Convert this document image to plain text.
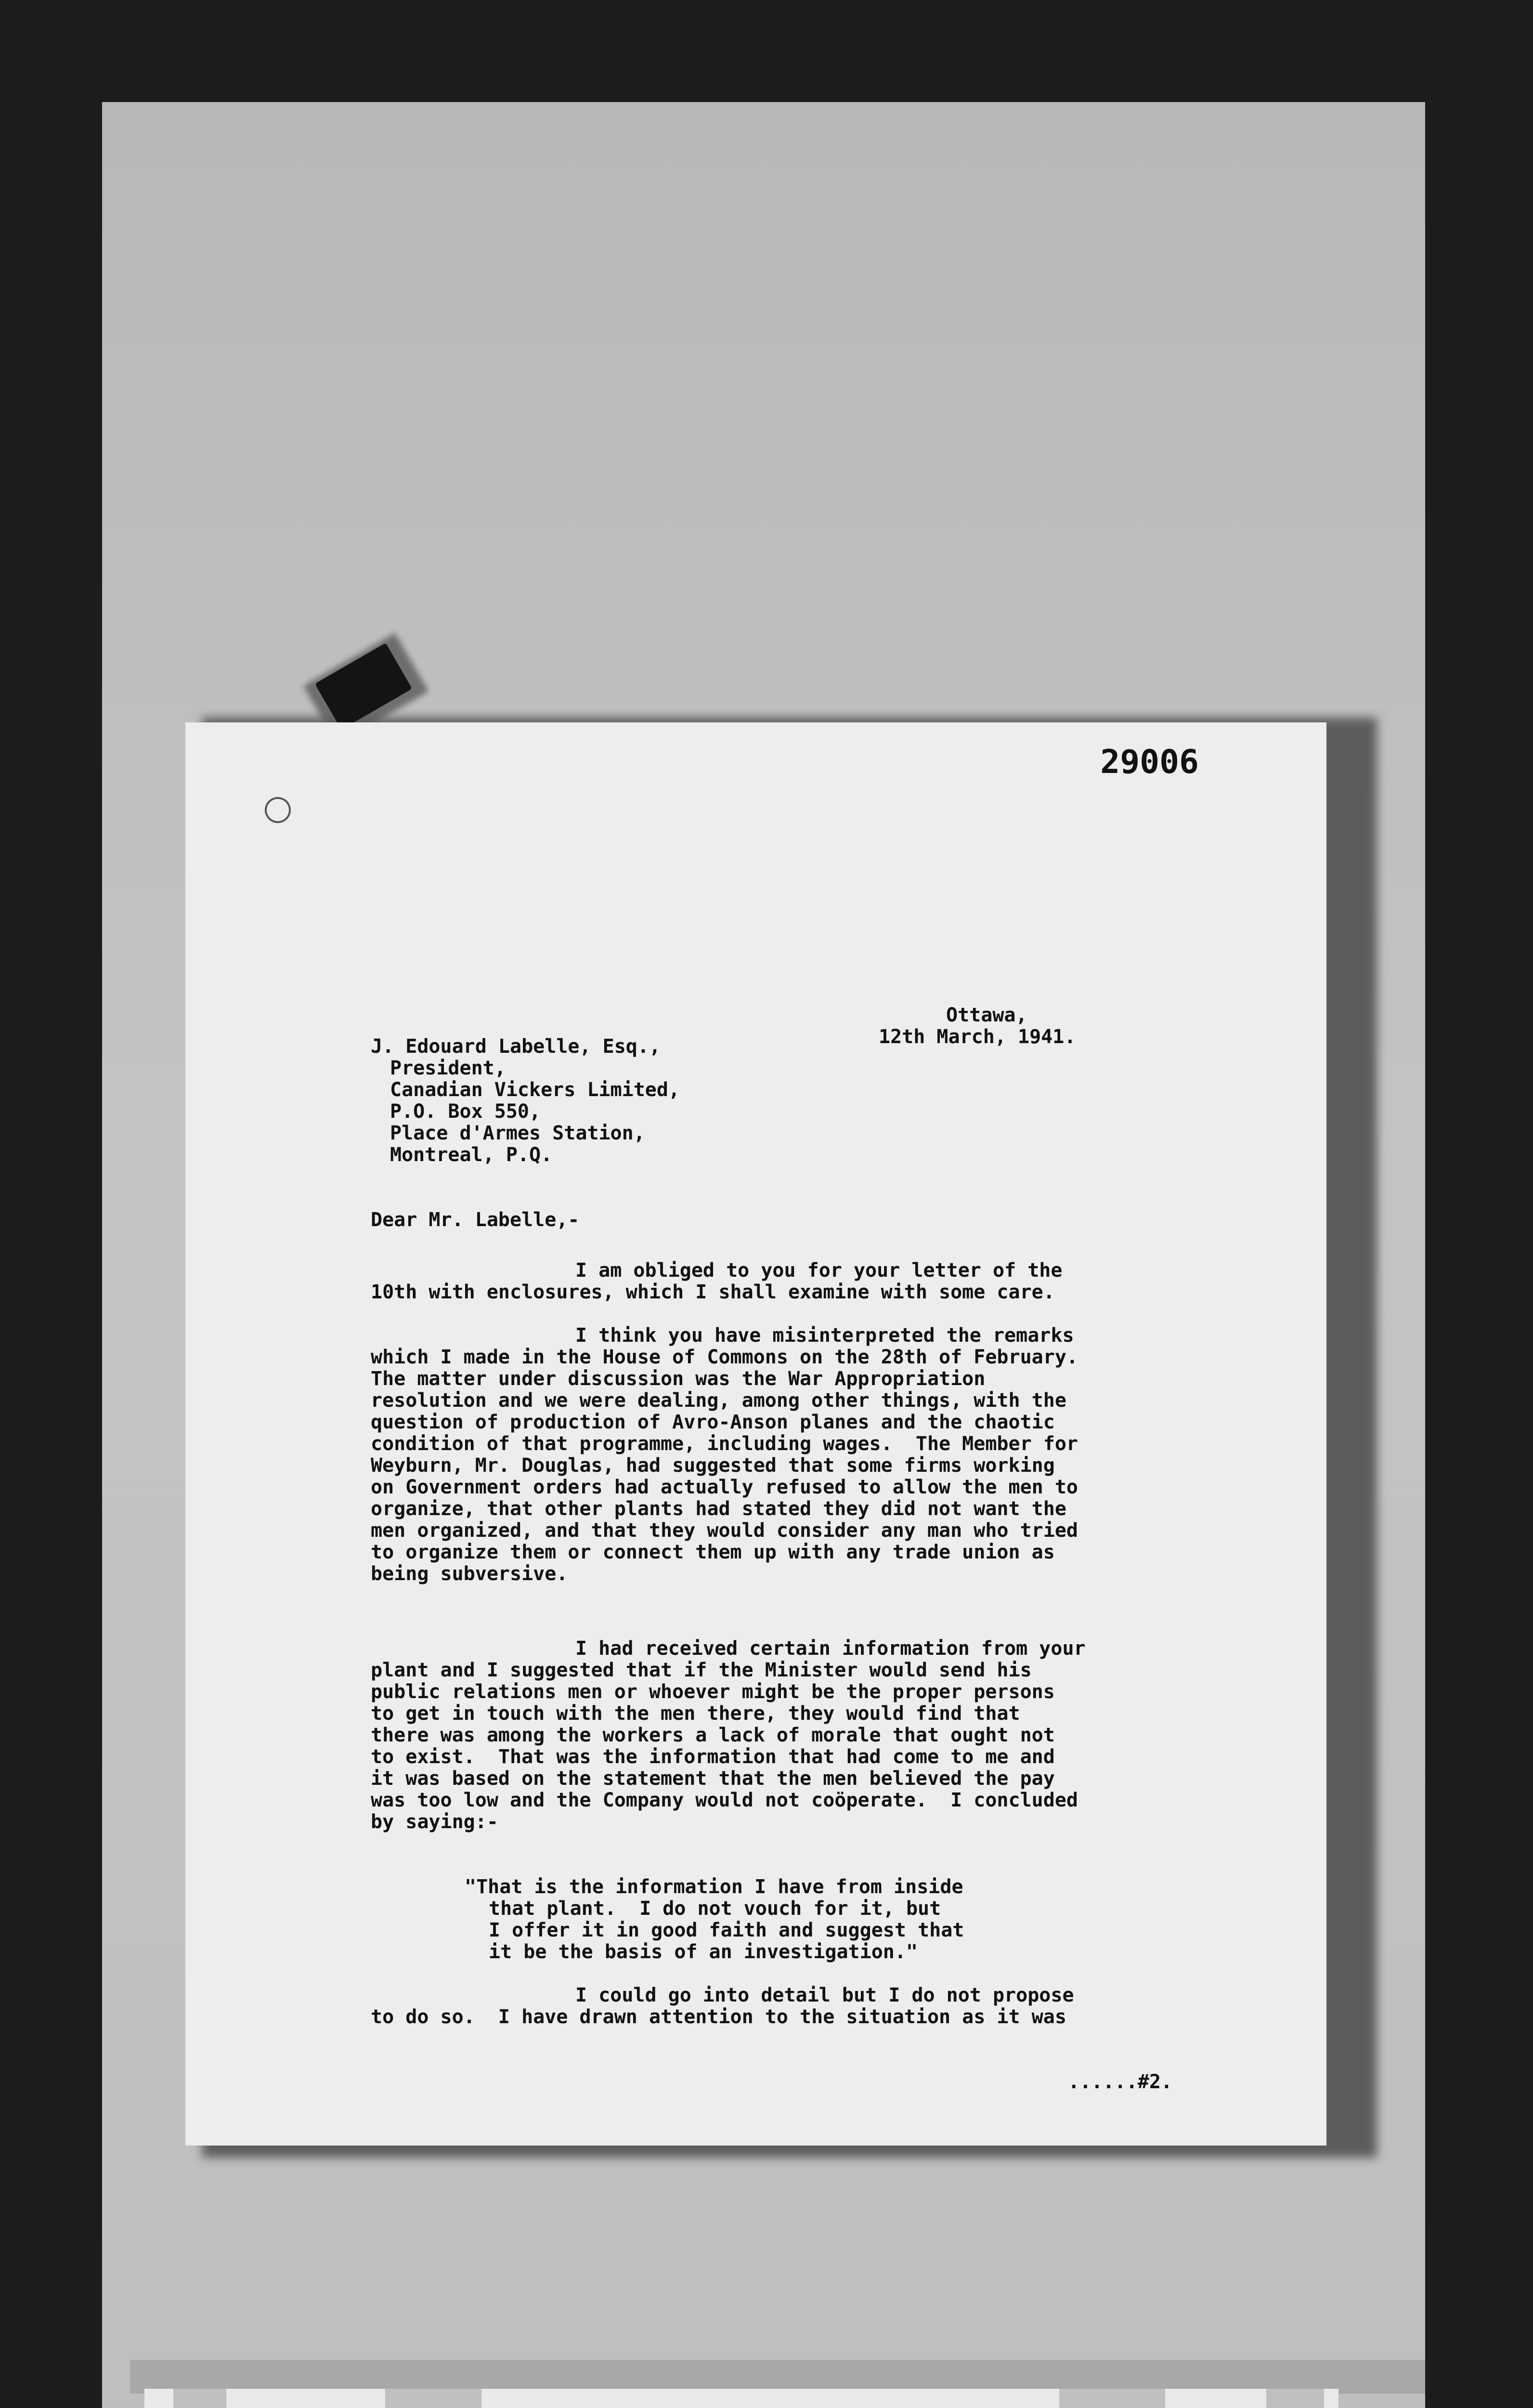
29006
Ottawa,
12th March, 1941.
J. Edouard Labelle, Esq.,
President,
Canadian Vickers Limited,
P.O. Box 550,
Place d'Armes Station,
Montreal, P.Q.
Dear Mr. Labelle,-
I am obliged to you for your letter of the
10th with enclosures, which I shall examine with some care.
I think you have misinterpreted the remarks
which I made in the House of Commons on the 28th of February.
The matter under discussion was the War Appropriation
resolution and we were dealing, among other things, with the
question of production of Avro-Anson planes and the chaotic
condition of that programme, including wages.  The Member for
Weyburn, Mr. Douglas, had suggested that some firms working
on Government orders had actually refused to allow the men to
organize, that other plants had stated they did not want the
men organized, and that they would consider any man who tried
to organize them or connect them up with any trade union as
being subversive.
I had received certain information from your
plant and I suggested that if the Minister would send his
public relations men or whoever might be the proper persons
to get in touch with the men there, they would find that
there was among the workers a lack of morale that ought not
to exist.  That was the information that had come to me and
it was based on the statement that the men believed the pay
was too low and the Company would not coöperate.  I concluded
by saying:-
"That is the information I have from inside
that plant.  I do not vouch for it, but
I offer it in good faith and suggest that
it be the basis of an investigation."
I could go into detail but I do not propose
to do so.  I have drawn attention to the situation as it was
......#2.
